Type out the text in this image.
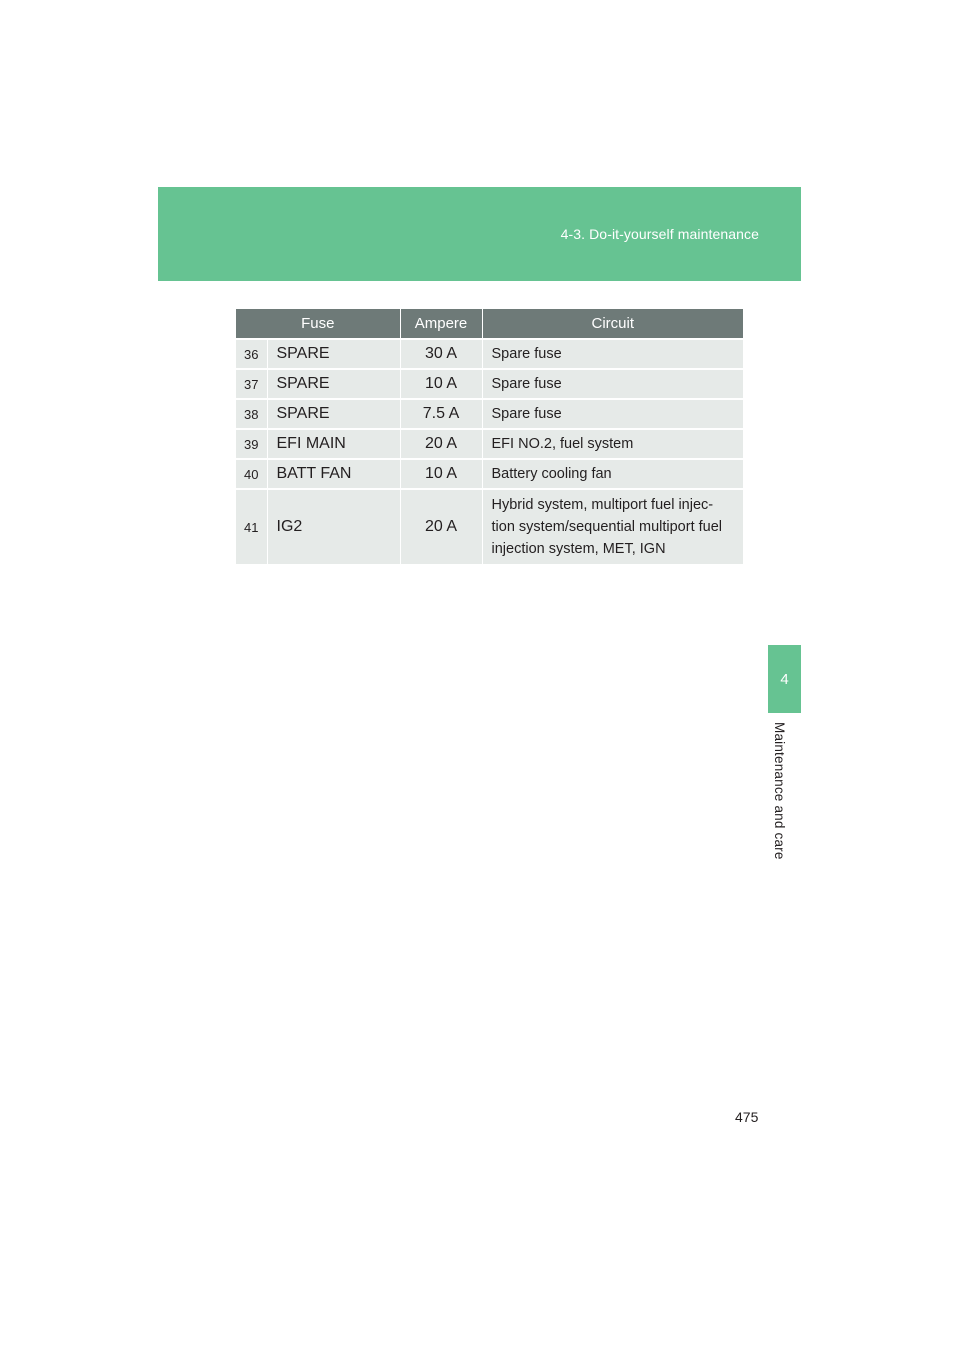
4-3. Do-it-yourself maintenance
4
Maintenance and care
Fuse		Ampere	Circuit
36	SPARE	30 A	Spare fuse
37	SPARE	10 A	Spare fuse
38	SPARE	7.5 A	Spare fuse
39	EFI MAIN	20 A	EFI NO.2, fuel system
40	BATT FAN	10 A	Battery cooling fan
41	IG2	20 A	Hybrid system, multiport fuel injec-tion system/sequential multiport fuel injection system, MET, IGN
475
